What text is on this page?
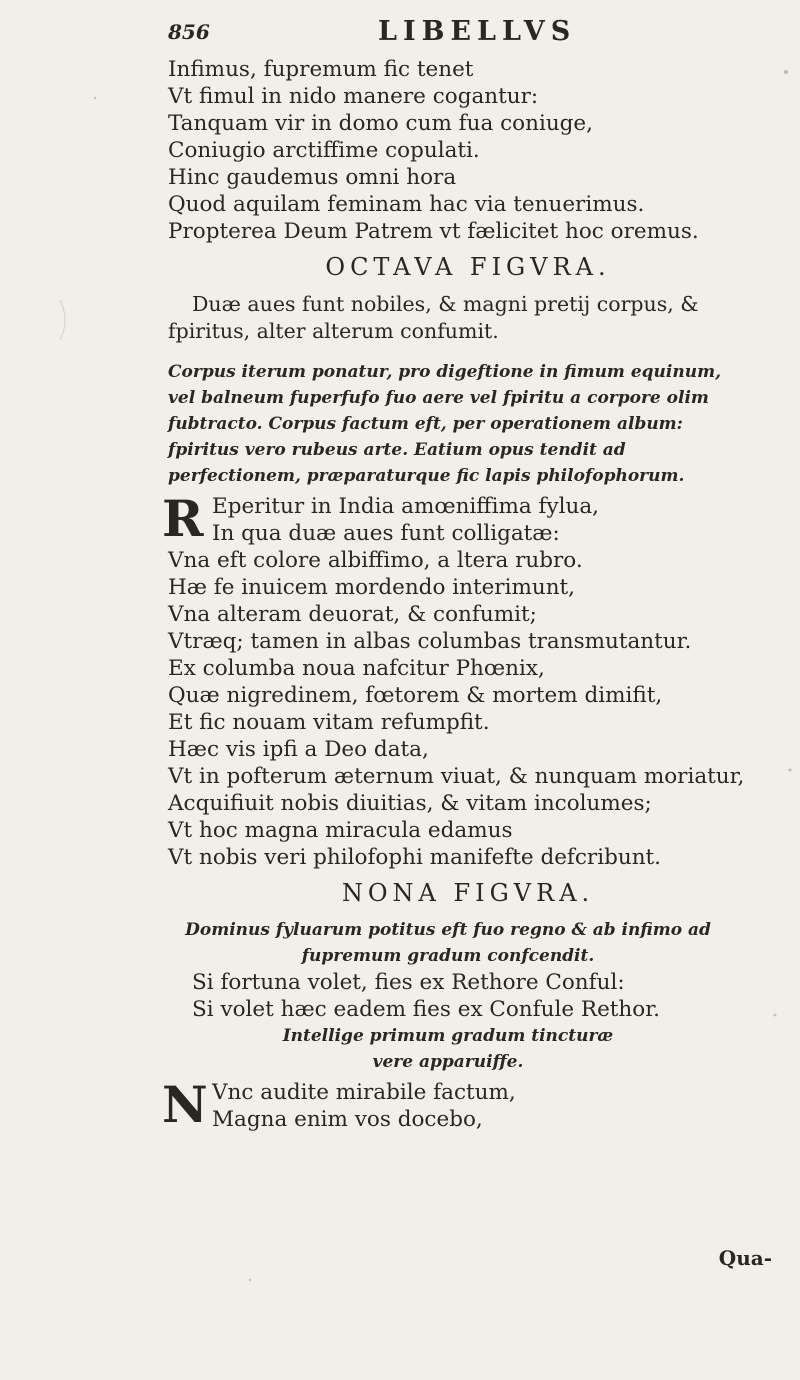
856	LIBELLVS
Infimus, fupremum fic tenet
Vt fimul in nido manere cogantur:
Tanquam vir in domo cum fua coniuge,
Coniugio arctiffime copulati.
Hinc gaudemus omni hora
Quod aquilam feminam hac via tenuerimus.
Propterea Deum Patrem vt fælicitet hoc oremus.
OCTAVA FIGVRA.
Duæ aues funt nobiles, & magni pretij corpus, & fpiritus, alter alterum confumit.
Corpus iterum ponatur, pro digeftione in fimum equinum, vel balneum fuperfufo fuo aere vel fpiritu a corpore olim fubtracto. Corpus factum eft, per operationem album: fpiritus vero rubeus arte. Eatium opus tendit ad perfectionem, præparaturque fic lapis philofophorum.
R Eperitur in India amœniffima fylua,
In qua duæ aues funt colligatæ:
Vna eft colore albiffimo, a ltera rubro.
Hæ fe inuicem mordendo interimunt,
Vna alteram deuorat, & confumit;
Vtræq; tamen in albas columbas transmutantur.
Ex columba noua nafcitur Phœnix,
Quæ nigredinem, fœtorem & mortem dimifit,
Et fic nouam vitam refumpfit.
Hæc vis ipfi a Deo data,
Vt in pofterum æternum viuat, & nunquam moriatur,
Acquifiuit nobis diuitias, & vitam incolumes;
Vt hoc magna miracula edamus
Vt nobis veri philofophi manifefte defcribunt.
NONA FIGVRA.
Dominus fyluarum potitus eft fuo regno & ab infimo ad
fupremum gradum confcendit.
Si fortuna volet, fies ex Rethore Conful:
Si volet hæc eadem fies ex Confule Rethor.
Intellige primum gradum tincturæ
vere apparuiffe.
N Vnc audite mirabile factum,
Magna enim vos docebo,
Qua-
